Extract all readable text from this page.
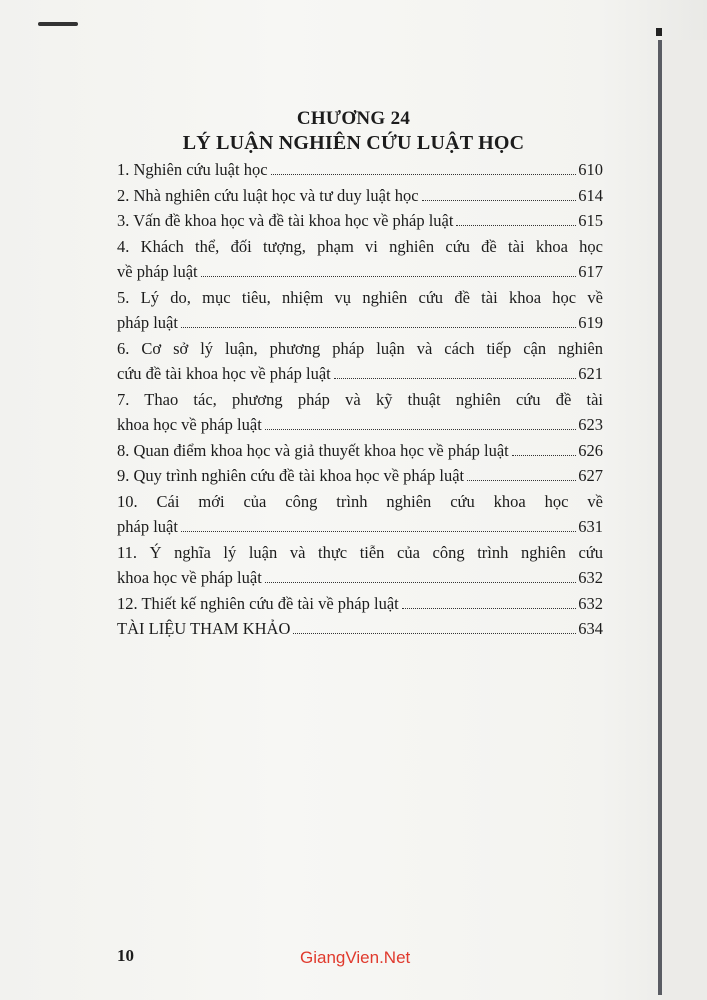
CHƯƠNG 24
LÝ LUẬN NGHIÊN CỨU LUẬT HỌC
1. Nghiên cứu luật học	610
2. Nhà nghiên cứu luật học và tư duy luật học	614
3. Vấn đề khoa học và đề tài khoa học về pháp luật	615
4. Khách thể, đối tượng, phạm vi nghiên cứu đề tài khoa học
về pháp luật	617
5. Lý do, mục tiêu, nhiệm vụ nghiên cứu đề tài khoa học về
pháp luật	619
6. Cơ sở lý luận, phương pháp luận và cách tiếp cận nghiên
cứu đề tài khoa học về pháp luật	621
7. Thao tác, phương pháp và kỹ thuật nghiên cứu đề tài
khoa học về pháp luật	623
8. Quan điểm khoa học và giả thuyết khoa học về pháp luật	626
9. Quy trình nghiên cứu đề tài khoa học về pháp luật	627
10. Cái mới của công trình nghiên cứu khoa học về
pháp luật	631
11. Ý nghĩa lý luận và thực tiễn của công trình nghiên cứu
khoa học về pháp luật	632
12. Thiết kế nghiên cứu đề tài về pháp luật	632
TÀI LIỆU THAM KHẢO	634
10	GiangVien.Net
